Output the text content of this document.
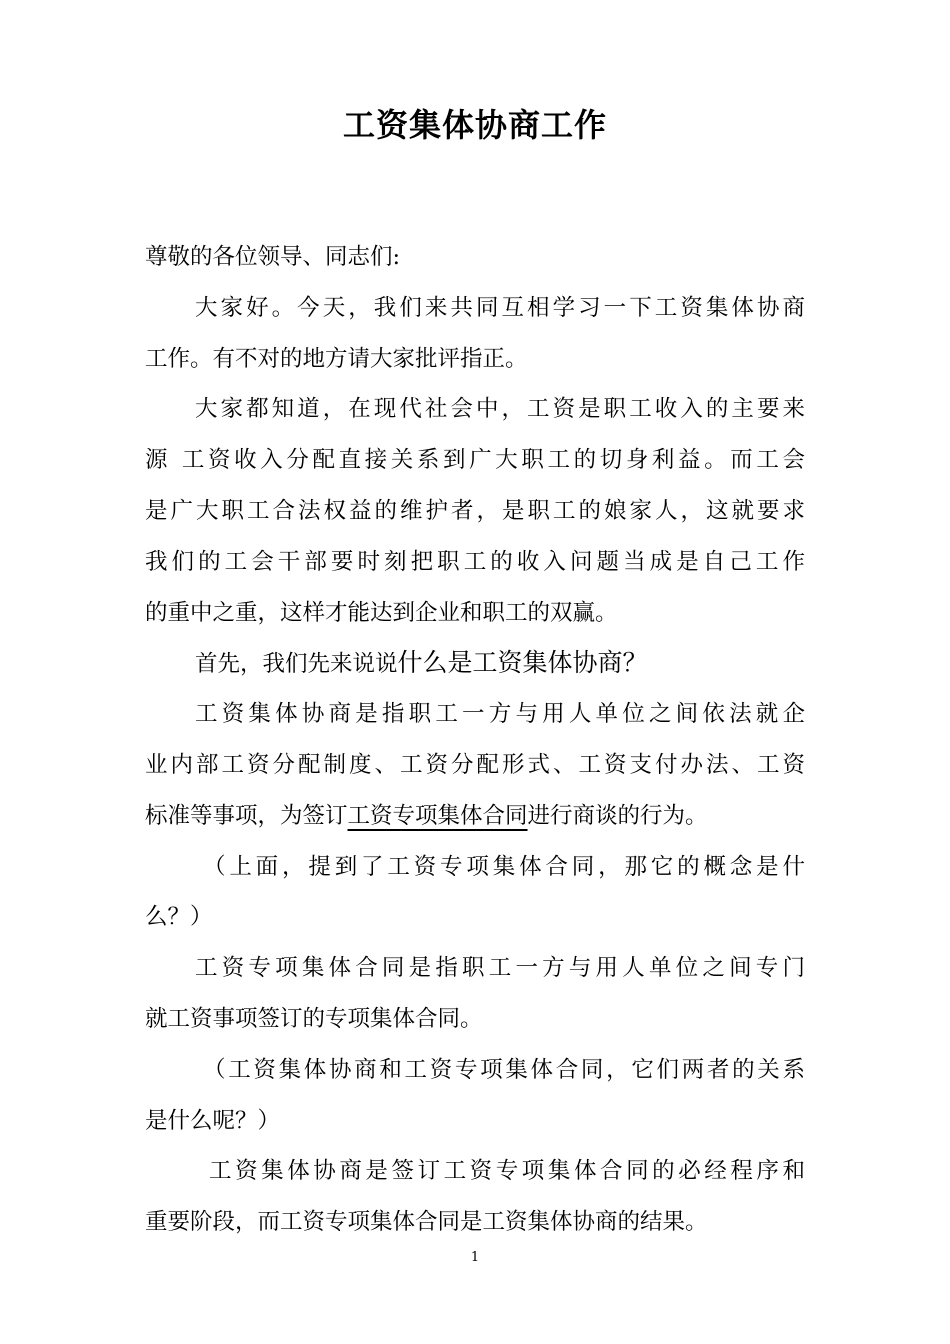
工资集体协商工作
尊敬的各位领导、同志们:
大家好。今天，我们来共同互相学习一下工资集体协商
工作。有不对的地方请大家批评指正。
大家都知道，在现代社会中，工资是职工收入的主要来
源 工资收入分配直接关系到广大职工的切身利益。而工会
是广大职工合法权益的维护者，是职工的娘家人，这就要求
我们的工会干部要时刻把职工的收入问题当成是自己工作
的重中之重，这样才能达到企业和职工的双赢。
首先，我们先来说说什么是工资集体协商？
工资集体协商是指职工一方与用人单位之间依法就企
业内部工资分配制度、工资分配形式、工资支付办法、工资
标准等事项，为签订工资专项集体合同进行商谈的行为。
（上面，提到了工资专项集体合同，那它的概念是什
么？）
工资专项集体合同是指职工一方与用人单位之间专门
就工资事项签订的专项集体合同。
（工资集体协商和工资专项集体合同，它们两者的关系
是什么呢？）
工资集体协商是签订工资专项集体合同的必经程序和
重要阶段，而工资专项集体合同是工资集体协商的结果。
1
